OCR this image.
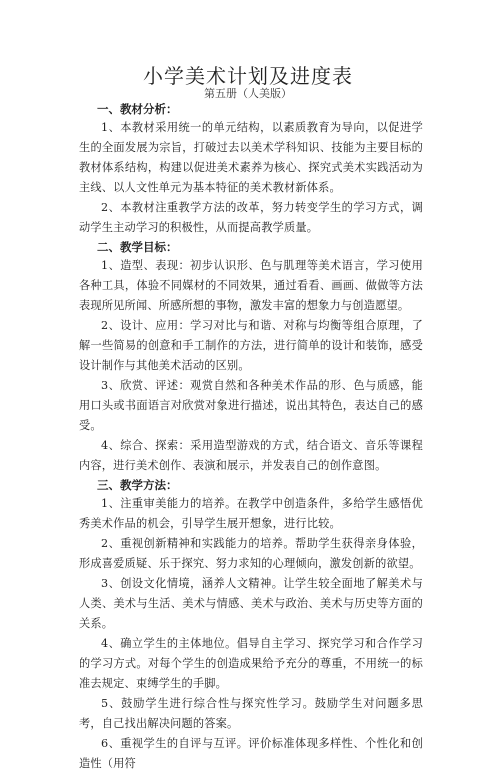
小学美术计划及进度表
第五册（人美版）
一、教材分析：

1、本教材采用统一的单元结构，以素质教育为导向，以促进学生的全面发展为宗旨，打破过去以美术学科知识、技能为主要目标的教材体系结构，构建以促进美术素养为核心、探究式美术实践活动为主线、以人文性单元为基本特征的美术教材新体系。

2、本教材注重教学方法的改革，努力转变学生的学习方式，调动学生主动学习的积极性，从而提高教学质量。

二、教学目标：

1、造型、表现：初步认识形、色与肌理等美术语言，学习使用各种工具，体验不同媒材的不同效果，通过看看、画画、做做等方法表现所见所闻、所感所想的事物，激发丰富的想象力与创造愿望。

2、设计、应用：学习对比与和谐、对称与均衡等组合原理，了解一些简易的创意和手工制作的方法，进行简单的设计和装饰，感受设计制作与其他美术活动的区别。

3、欣赏、评述：观赏自然和各种美术作品的形、色与质感，能用口头或书面语言对欣赏对象进行描述，说出其特色，表达自己的感受。

4、综合、探索：采用造型游戏的方式，结合语文、音乐等课程内容，进行美术创作、表演和展示，并发表自己的创作意图。

三、教学方法：

1、注重审美能力的培养。在教学中创造条件，多给学生感悟优秀美术作品的机会，引导学生展开想象，进行比较。

2、重视创新精神和实践能力的培养。帮助学生获得亲身体验，形成喜爱质疑、乐于探究、努力求知的心理倾向，激发创新的欲望。

3、创设文化情境，涵养人文精神。让学生较全面地了解美术与人类、美术与生活、美术与情感、美术与政治、美术与历史等方面的关系。

4、确立学生的主体地位。倡导自主学习、探究学习和合作学习的学习方式。对每个学生的创造成果给予充分的尊重，不用统一的标准去规定、束缚学生的手脚。

5、鼓励学生进行综合性与探究性学习。鼓励学生对问题多思考，自己找出解决问题的答案。

6、重视学生的自评与互评。评价标准体现多样性、个性化和创造性（用符
